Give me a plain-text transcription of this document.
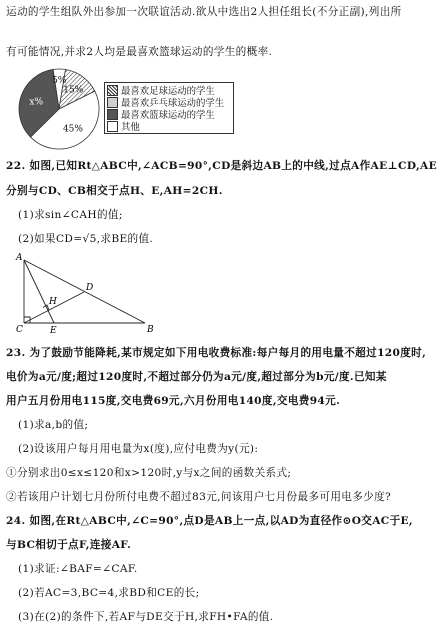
运动的学生组队外出参加一次联谊活动.欲从中选出2人担任组长(不分正副),列出所
有可能情况,并求2人均是最喜欢篮球运动的学生的概率.
5%
15%
45%
x%
最喜欢足球运动的学生
最喜欢乒乓球运动的学生
最喜欢篮球运动的学生
其他
22. 如图,已知Rt△ABC中,∠ACB=90°,CD是斜边AB上的中线,过点A作AE⊥CD,AE
分别与CD、CB相交于点H、E,AH=2CH.
(1)求sin∠CAH的值;
(2)如果CD=√5,求BE的值.
A
B
C
D
E
H
23. 为了鼓励节能降耗,某市规定如下用电收费标准:每户每月的用电量不超过120度时,
电价为a元/度;超过120度时,不超过部分仍为a元/度,超过部分为b元/度.已知某
用户五月份用电115度,交电费69元,六月份用电140度,交电费94元.
(1)求a,b的值;
(2)设该用户每月用电量为x(度),应付电费为y(元):
①分别求出0≤x≤120和x>120时,y与x之间的函数关系式;
②若该用户计划七月份所付电费不超过83元,问该用户七月份最多可用电多少度?
24. 如图,在Rt△ABC中,∠C=90°,点D是AB上一点,以AD为直径作⊙O交AC于E,
与BC相切于点F,连接AF.
(1)求证:∠BAF=∠CAF.
(2)若AC=3,BC=4,求BD和CE的长;
(3)在(2)的条件下,若AF与DE交于H,求FH•FA的值.
